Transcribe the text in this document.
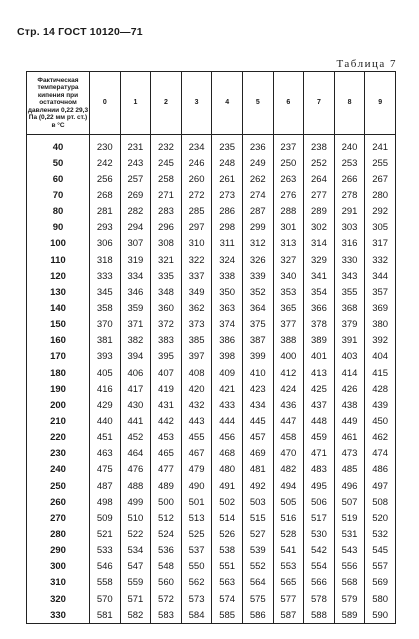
Стр. 14 ГОСТ 10120—71
Таблица 7
Фактическая температура кипения при остаточном давлении 0,22 29,3 Па (0,22 мм рт. ст.) в °С	0	1	2	3	4	5	6	7	8	9
40	230	231	232	234	235	236	237	238	240	241
50	242	243	245	246	248	249	250	252	253	255
60	256	257	258	260	261	262	263	264	266	267
70	268	269	271	272	273	274	276	277	278	280
80	281	282	283	285	286	287	288	289	291	292
90	293	294	296	297	298	299	301	302	303	305
100	306	307	308	310	311	312	313	314	316	317
110	318	319	321	322	324	326	327	329	330	332
120	333	334	335	337	338	339	340	341	343	344
130	345	346	348	349	350	352	353	354	355	357
140	358	359	360	362	363	364	365	366	368	369
150	370	371	372	373	374	375	377	378	379	380
160	381	382	383	385	386	387	388	389	391	392
170	393	394	395	397	398	399	400	401	403	404
180	405	406	407	408	409	410	412	413	414	415
190	416	417	419	420	421	423	424	425	426	428
200	429	430	431	432	433	434	436	437	438	439
210	440	441	442	443	444	445	447	448	449	450
220	451	452	453	455	456	457	458	459	461	462
230	463	464	465	467	468	469	470	471	473	474
240	475	476	477	479	480	481	482	483	485	486
250	487	488	489	490	491	492	494	495	496	497
260	498	499	500	501	502	503	505	506	507	508
270	509	510	512	513	514	515	516	517	519	520
280	521	522	524	525	526	527	528	530	531	532
290	533	534	536	537	538	539	541	542	543	545
300	546	547	548	550	551	552	553	554	556	557
310	558	559	560	562	563	564	565	566	568	569
320	570	571	572	573	574	575	577	578	579	580
330	581	582	583	584	585	586	587	588	589	590
